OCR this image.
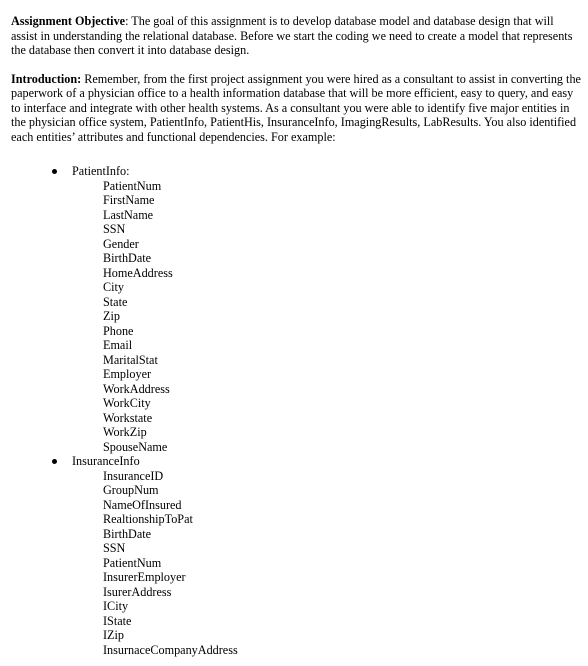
Assignment Objective: The goal of this assignment is to develop database model and database design that will assist in understanding the relational database. Before we start the coding we need to create a model that represents the database then convert it into database design.

Introduction: Remember, from the first project assignment you were hired as a consultant to assist in converting the paperwork of a physician office to a health information database that will be more efficient, easy to query, and easy to interface and integrate with other health systems. As a consultant you were able to identify five major entities in the physician office system, PatientInfo, PatientHis, InsuranceInfo, ImagingResults, LabResults. You also identified each entities’ attributes and functional dependencies. For example:

PatientInfo:
PatientNum
FirstName
LastName
SSN
Gender
BirthDate
HomeAddress
City
State
Zip
Phone
Email
MaritalStat
Employer
WorkAddress
WorkCity
Workstate
WorkZip
SpouseName
InsuranceInfo
InsuranceID
GroupNum
NameOfInsured
RealtionshipToPat
BirthDate
SSN
PatientNum
InsurerEmployer
IsurerAddress
ICity
IState
IZip
InsurnaceCompanyAddress
